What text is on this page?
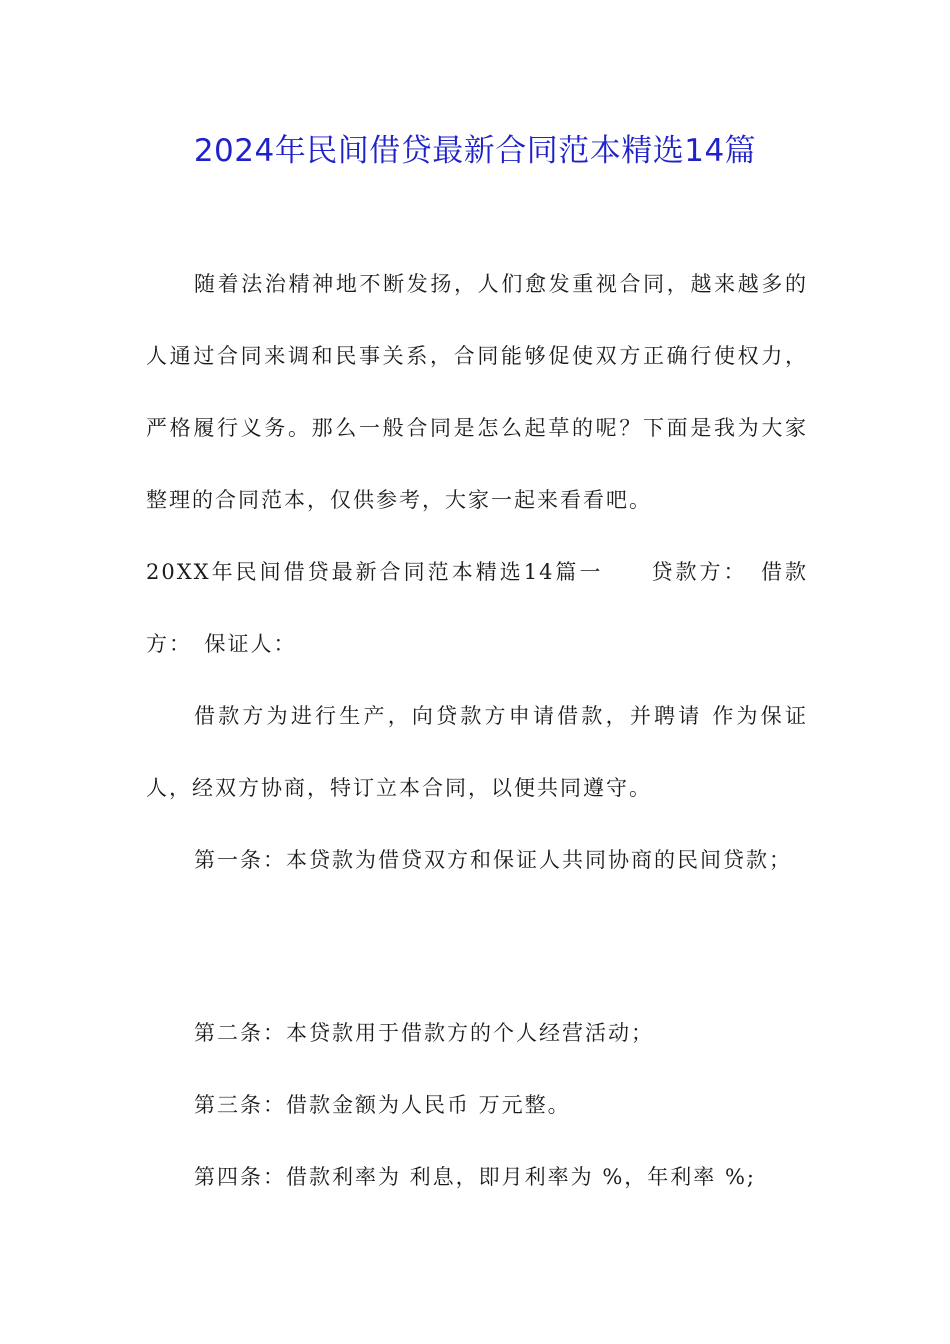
2024年民间借贷最新合同范本精选14篇

随着法治精神地不断发扬，人们愈发重视合同，越来越多的人通过合同来调和民事关系，合同能够促使双方正确行使权力，严格履行义务。那么一般合同是怎么起草的呢？下面是我为大家整理的合同范本，仅供参考，大家一起来看看吧。

20XX年民间借贷最新合同范本精选14篇一　　贷款方：　借款
方：　保证人：

借款方为进行生产，向贷款方申请借款，并聘请 作为保证人，经双方协商，特订立本合同，以便共同遵守。

第一条：本贷款为借贷双方和保证人共同协商的民间贷款；

第二条：本贷款用于借款方的个人经营活动；

第三条：借款金额为人民币 万元整。

第四条：借款利率为 利息，即月利率为 %，年利率 %;
